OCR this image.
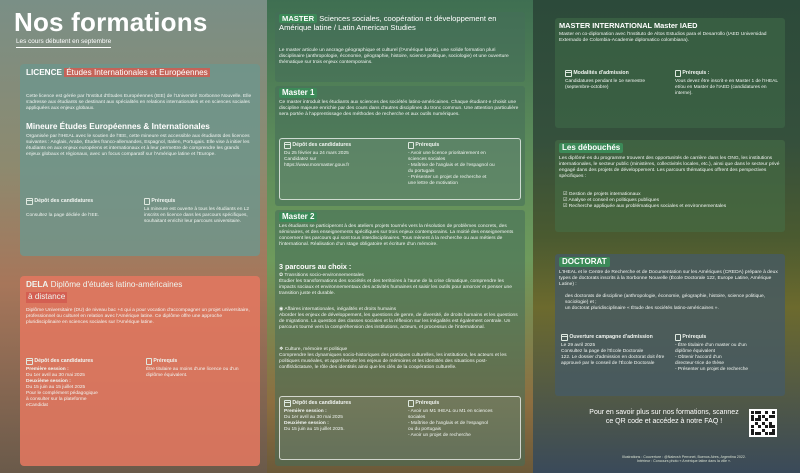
Nos formations
Les cours débutent en septembre
LICENCE Études Internationales et Européennes
Cette licence est gérée par l'Institut d'Études Européennes (IEE) de l'Université Sorbonne Nouvelle. Elle s'adresse aux étudiants se destinant aux spécialités en relations internationales et en sciences sociales appliquées aux enjeux globaux.
Mineure Études Européennes & Internationales
Organisée par l'IHEAL avec le soutien de l'IEE, cette mineure est accessible aux étudiants des licences suivantes : Anglais, Arabe, Études franco-allemandes, Espagnol, Italien, Portugais. Elle vise à initier les étudiants en aux enjeux européens et internationaux et à leur permettre de comprendre les grands enjeux globaux et régionaux, avec un focus comparatif sur l'Amérique latine et l'Europe.
Dépôt des candidatures
Consultez la page dédiée de l'IEE.
Prérequis
La mineure est ouverte à tous les étudiants en L2 inscrits en licence dans les parcours spécifiques, souhaitant enrichir leur parcours universitaire.
DELA Diplôme d'études latino-américaines
à distance
Diplôme Universitaire (DU) de niveau bac +4 qui a pour vocation d'accompagner un projet universitaire, professionnel ou culturel en relation avec l'Amérique latine. Ce diplôme offre une approche pluridisciplinaire en sciences sociales sur l'Amérique latine.
Dépôt des candidatures
Première session :
Du 1er avril au 30 mai 2025
Deuxième session :
Du 15 juin au 15 juillet 2025
Pour le complément pédagogique
à consulter sur la plateforme
eCandidat
Prérequis
Être titulaire au moins d'une licence ou d'un diplôme équivalent.
MASTER Sciences sociales, coopération et développement en Amérique latine / Latin American Studies
Le master articule un ancrage géographique et culturel (l'Amérique latine), une solide formation pluri disciplinaire (anthropologie, économie, géographie, histoire, science politique, sociologie) et une ouverture thématique sur trois enjeux contemporains.
Master 1
Ce master introduit les étudiants aux sciences des sociétés latino-américaines. Chaque étudiant·e choisit une discipline majeure enrichie par des cours dans d'autres disciplines du tronc commun. Une attention particulière sera portée à l'apprentissage des méthodes de recherche et aux outils numériques.
Dépôt des candidatures
Du 25 février au 24 mars 2025
Candidatez sur
https://www.monmaster.gouv.fr
Prérequis
- Avoir une licence prioritairement en
sciences sociales
- Maîtrise de l'anglais et de l'espagnol ou
du portugais
- Présenter un projet de recherche et
une lettre de motivation
Master 2
Les étudiants se participeront à des ateliers projets tournés vers la résolution de problèmes concrets, des séminaires, et des enseignements spécifiques sur trois enjeux contemporains. La moitié des enseignements concernent les parcours qui sont tous interdisciplinaires. Tous mènent à la recherche ou aux métiers de l'international. Réalisation d'un stage obligatoire et écriture d'un mémoire.
3 parcours au choix :
✿ Transitions socio-environnementales
Étudier les transformations des sociétés et des territoires à l'aune de la crise climatique, comprendre les impacts sociaux et environnementaux des activités humaines et saisir les outils pour amorcer et penser une transition juste et durable.
◉ Affaires internationales, inégalités et droits humains
Aborder les enjeux de développement, les questions de genre, de diversité, de droits humains et les questions de migrations. La question des classes sociales et la réflexion sur les inégalités est également centrale. Un parcours tourné vers la compréhension des institutions, acteurs, et processus de l'international.
❖ Culture, mémoire et politique
Comprendre les dynamiques socio-historiques des pratiques culturelles, les institutions, les acteurs et les politiques muséales, et appréhender les enjeux de mémoires et les identités des situations post-conflit/dictature, le rôle des identités ainsi que les clés de la coopération culturelle.
Dépôt des candidatures
Première session :
Du 1er avril au 30 mai 2025
Deuxième session :
Du 15 juin au 15 juillet 2025.
Prérequis
- Avoir un M1 IHEAL ou M1 en sciences
sociales
- Maîtrise de l'anglais et de l'espagnol
ou du portugais
- Avoir un projet de recherche
MASTER INTERNATIONAL Master IAED
Master en co-diplomation avec l'Instituto de Altos Estudios para el Desarrollo (IAED Universidad Externado de Colombia-Academie diplomatico colombiana).
Modalités d'admission
Candidatures pendant le 1e semestre (septembre-octobre)
Prérequis :
Vous devez être inscrit·e en Master 1 de l'IHEAL et/ou en Master de l'IAED (candidatures en interne).
Les débouchés
Les diplômé·es du programme trouvent des opportunités de carrière dans les ONG, les institutions internationales, le secteur public (ministères, collectivités locales, etc.), ainsi que dans le secteur privé engagé dans des projets de développement. Les parcours thématiques offrent des perspectives spécifiques :
☑ Gestion de projets internationaux
☑ Analyse et conseil en politiques publiques
☑ Recherche appliquée aux problématiques sociales et environnementales
DOCTORAT
L'IHEAL et le Centre de Recherche et de Documentation sur les Amériques (CREDA) prépare à deux types de doctorats inscrits à la Sorbonne Nouvelle (École Doctorale 122, Europe Latine, Amérique Latine) :
des doctorats de discipline (anthropologie, économie, géographie, histoire, science politique, sociologie) et ;
un doctorat pluridisciplinaire « Étude des sociétés latino-américaines ».
Ouverture campagne d'admission
Le 29 avril 2025
Consultez la page de l'École Doctorale
122. Le dossier d'admission en doctorat doit être approuvé par le conseil de l'École Doctorale
Prérequis
- Être titulaire d'un master ou d'un
diplôme équivalent
- Obtenir l'accord d'un
directeur·trice de thèse
- Présenter un projet de recherche
Pour en savoir plus sur nos formations, scannez ce QR code et accédez à notre FAQ !
Illustrations : Couverture : @Nalecsh Perronet, Buenos Aires, Argentina 2022.
Intérieur : Concours photo « Amérique latine dans la ville ».
